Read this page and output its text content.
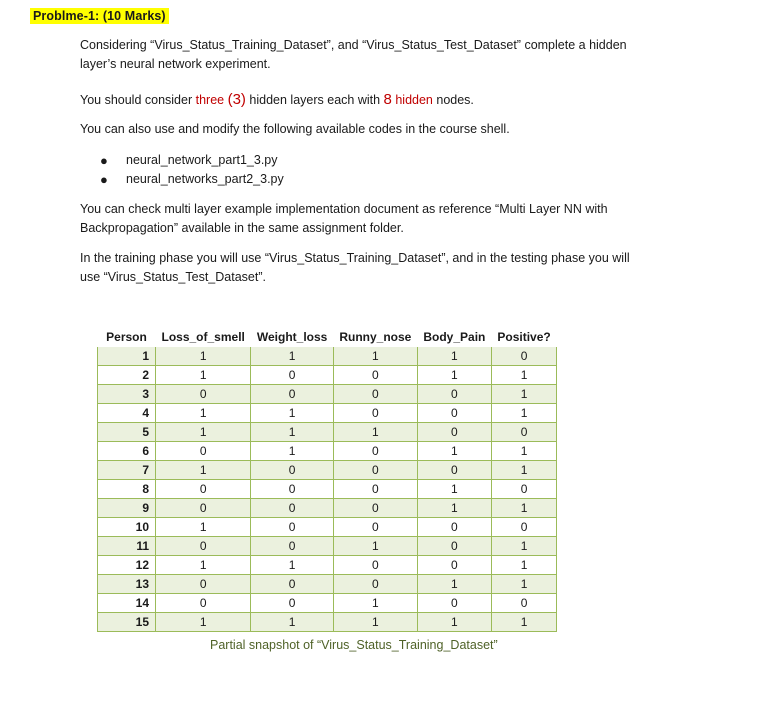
Problme-1: (10 Marks)
Considering “Virus_Status_Training_Dataset”, and “Virus_Status_Test_Dataset” complete a hidden layer’s neural network experiment.
You should consider three (3) hidden layers each with 8 hidden nodes.
You can also use and modify the following available codes in the course shell.
●	neural_network_part1_3.py
●	neural_networks_part2_3.py
You can check multi layer example implementation document as reference “Multi Layer NN with Backpropagation” available in the same assignment folder.
In the training phase you will use “Virus_Status_Training_Dataset”, and in the testing phase you will use “Virus_Status_Test_Dataset”.
Person	Loss_of_smell	Weight_loss	Runny_nose	Body_Pain	Positive?
1	1	1	1	1	0
2	1	0	0	1	1
3	0	0	0	0	1
4	1	1	0	0	1
5	1	1	1	0	0
6	0	1	0	1	1
7	1	0	0	0	1
8	0	0	0	1	0
9	0	0	0	1	1
10	1	0	0	0	0
11	0	0	1	0	1
12	1	1	0	0	1
13	0	0	0	1	1
14	0	0	1	0	0
15	1	1	1	1	1
Partial snapshot of “Virus_Status_Training_Dataset”
